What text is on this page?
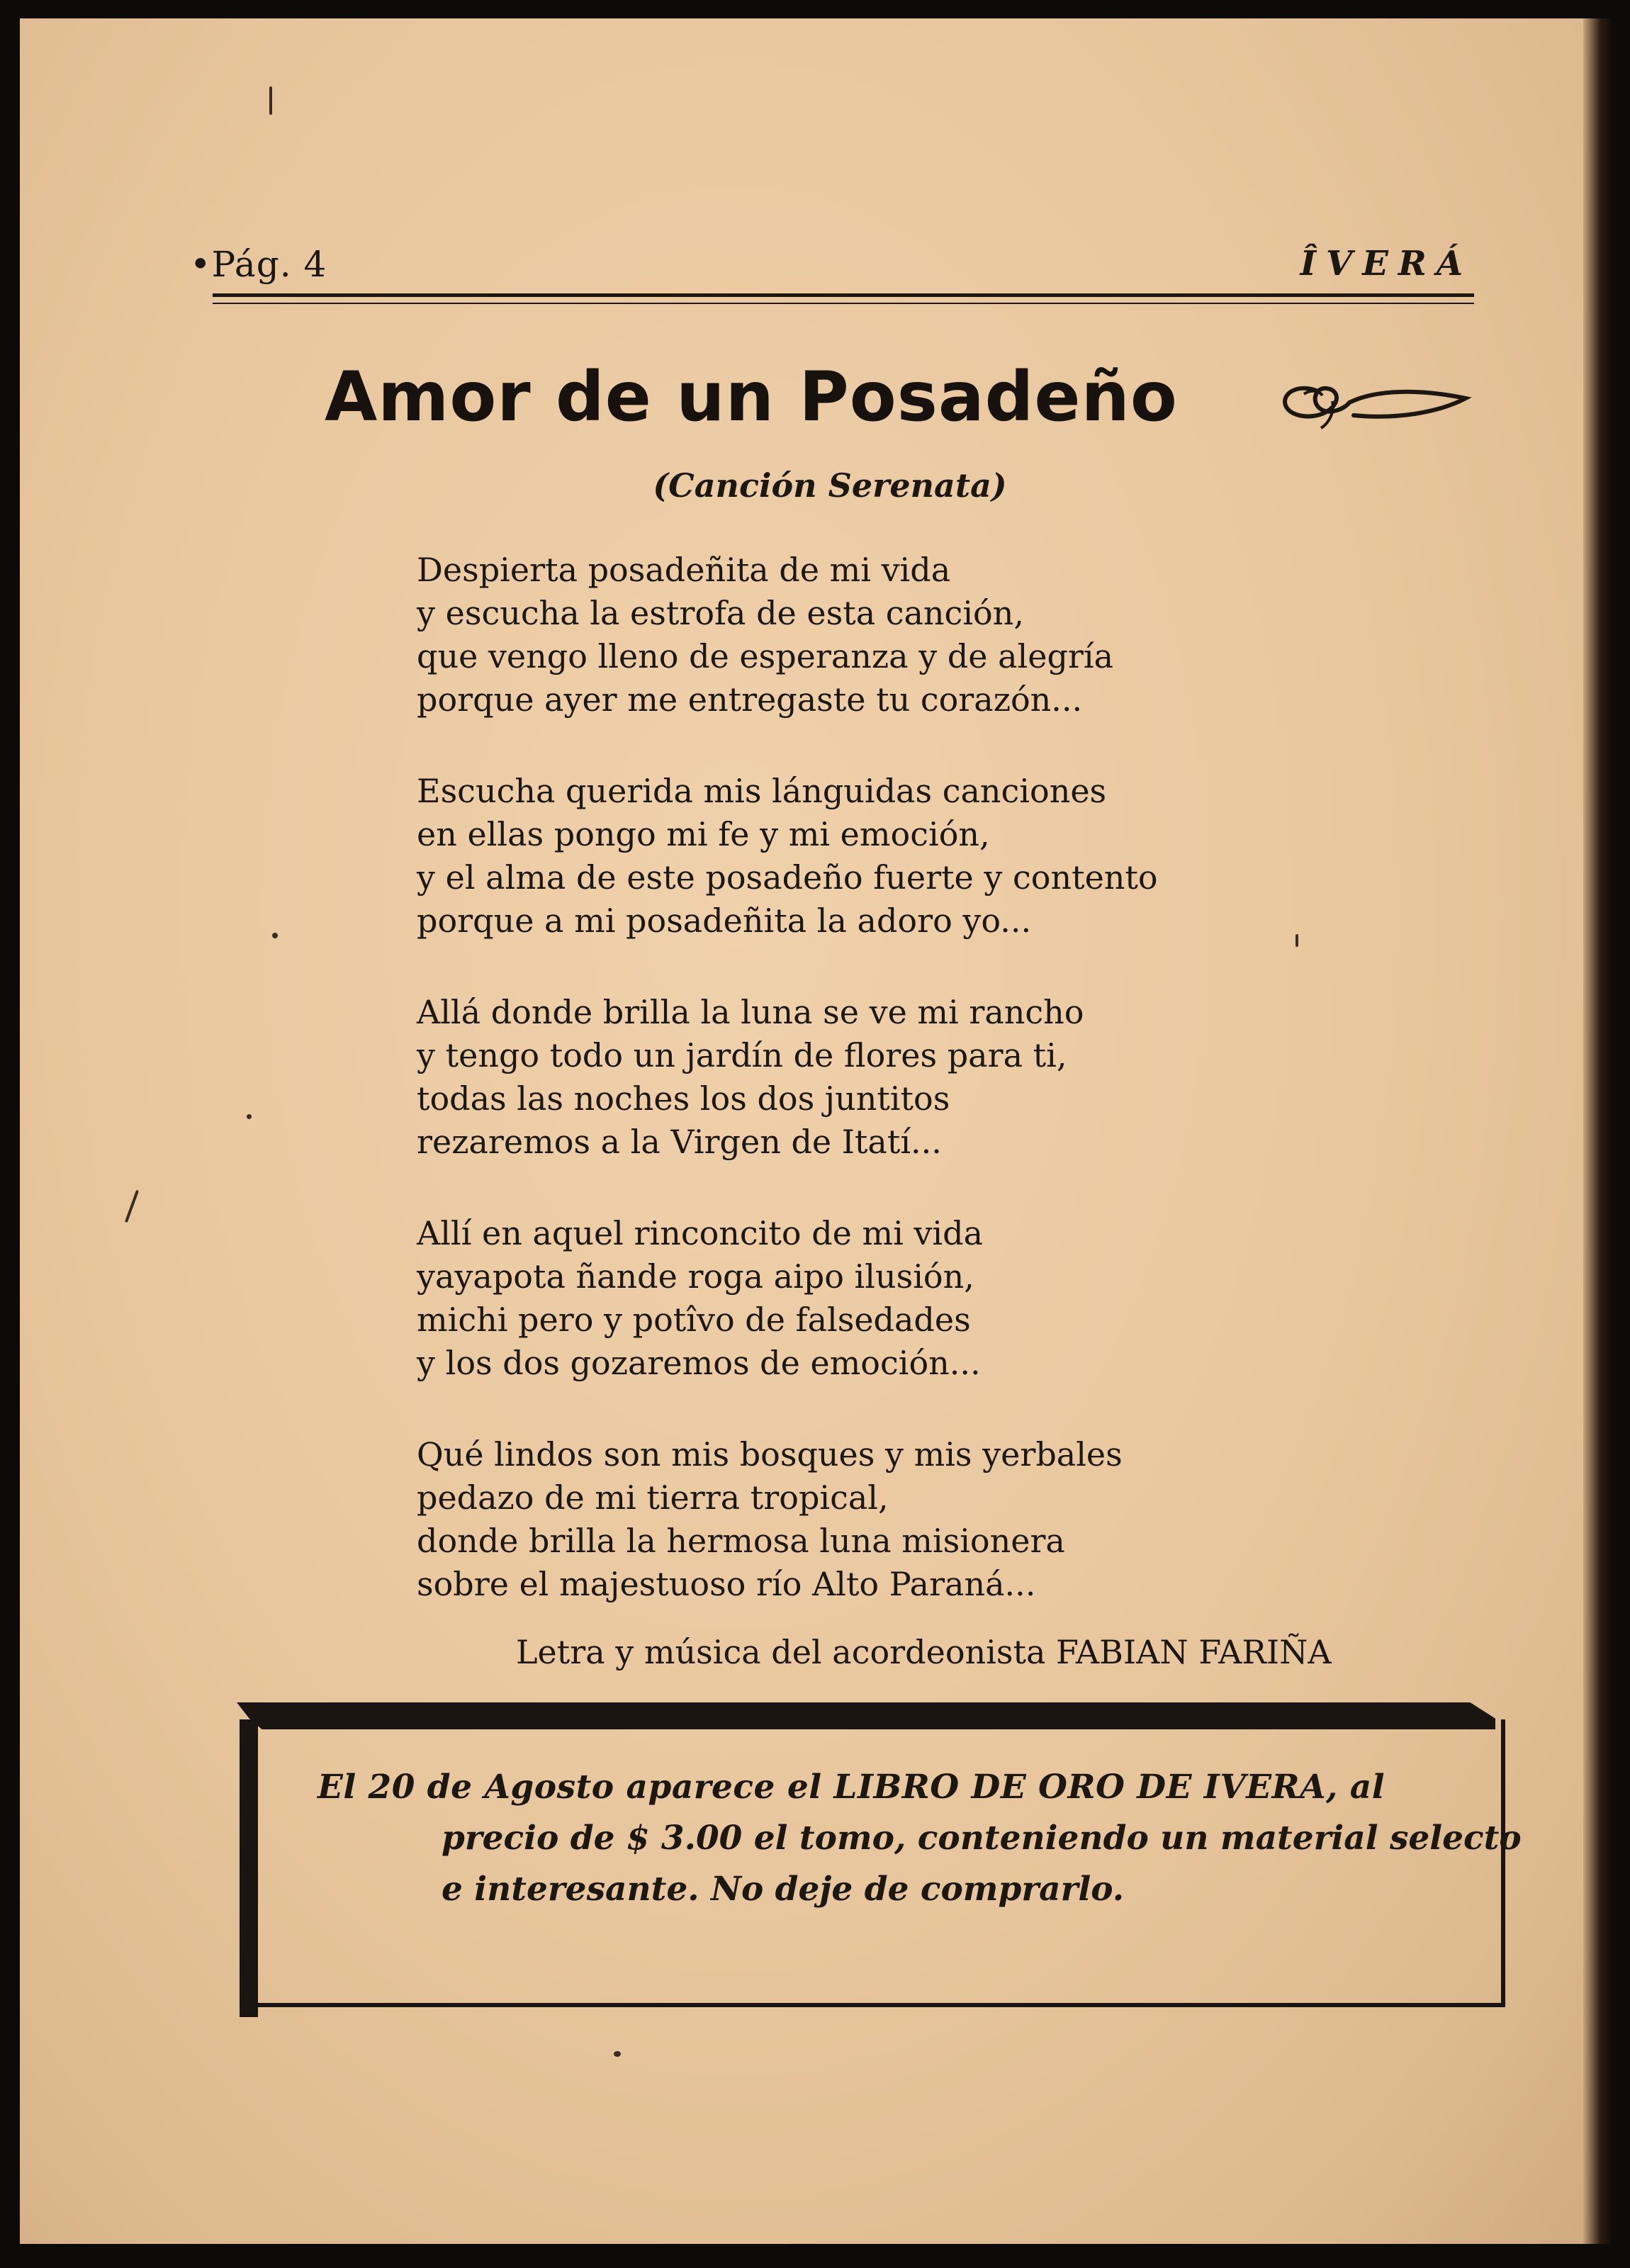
•Pág. 4	ÎVERÁ
Amor de un Posadeño
(Canción Serenata)
Despierta posadeñita de mi vida
y escucha la estrofa de esta canción,
que vengo lleno de esperanza y de alegría
porque ayer me entregaste tu corazón...
Escucha querida mis lánguidas canciones
en ellas pongo mi fe y mi emoción,
y el alma de este posadeño fuerte y contento
porque a mi posadeñita la adoro yo...
Allá donde brilla la luna se ve mi rancho
y tengo todo un jardín de flores para ti,
todas las noches los dos juntitos
rezaremos a la Virgen de Itatí...
Allí en aquel rinconcito de mi vida
yayapota ñande roga aipo ilusión,
michi pero y potîvo de falsedades
y los dos gozaremos de emoción...
Qué lindos son mis bosques y mis yerbales
pedazo de mi tierra tropical,
donde brilla la hermosa luna misionera
sobre el majestuoso río Alto Paraná...
Letra y música del acordeonista FABIAN FARIÑA
El 20 de Agosto aparece el LIBRO DE ORO DE IVERA, al
precio de $ 3.00 el tomo, conteniendo un material selecto
e interesante. No deje de comprarlo.
